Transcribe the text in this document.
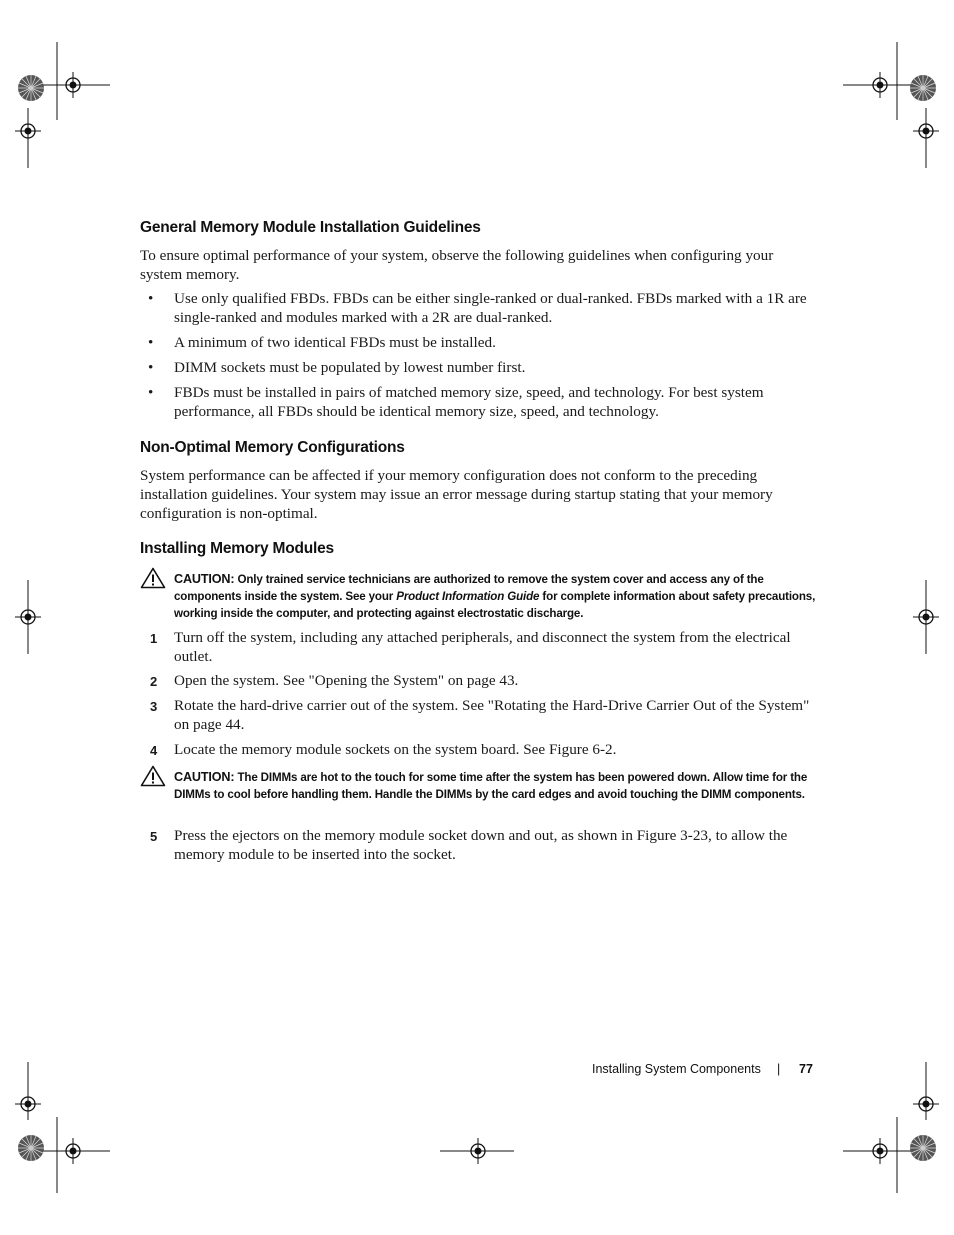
General Memory Module Installation Guidelines

To ensure optimal performance of your system, observe the following guidelines when configuring your system memory.

• Use only qualified FBDs. FBDs can be either single-ranked or dual-ranked. FBDs marked with a 1R are single-ranked and modules marked with a 2R are dual-ranked.
• A minimum of two identical FBDs must be installed.
• DIMM sockets must be populated by lowest number first.
• FBDs must be installed in pairs of matched memory size, speed, and technology. For best system performance, all FBDs should be identical memory size, speed, and technology.
Non-Optimal Memory Configurations

System performance can be affected if your memory configuration does not conform to the preceding installation guidelines. Your system may issue an error message during startup stating that your memory configuration is non-optimal.

Installing Memory Modules
CAUTION: Only trained service technicians are authorized to remove the system cover and access any of the components inside the system. See your Product Information Guide for complete information about safety precautions, working inside the computer, and protecting against electrostatic discharge.
1 Turn off the system, including any attached peripherals, and disconnect the system from the electrical outlet.
2 Open the system. See "Opening the System" on page 43.
3 Rotate the hard-drive carrier out of the system. See "Rotating the Hard-Drive Carrier Out of the System" on page 44.
4 Locate the memory module sockets on the system board. See Figure 6-2.
CAUTION: The DIMMs are hot to the touch for some time after the system has been powered down. Allow time for the DIMMs to cool before handling them. Handle the DIMMs by the card edges and avoid touching the DIMM components.
5 Press the ejectors on the memory module socket down and out, as shown in Figure 3-23, to allow the memory module to be inserted into the socket.
Installing System Components | 77
